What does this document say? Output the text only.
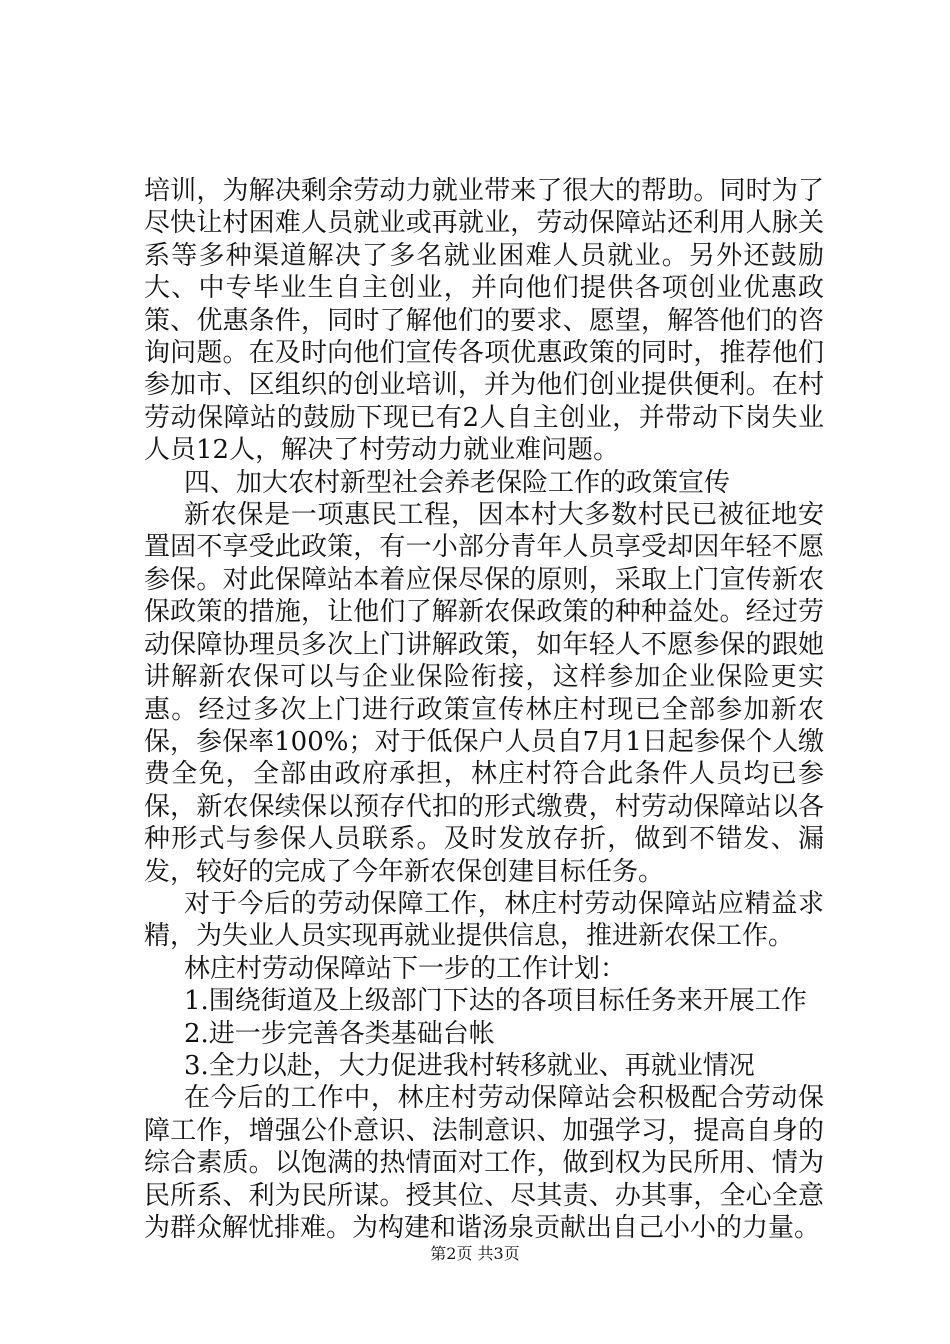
培训，为解决剩余劳动力就业带来了很大的帮助。同时为了尽快让村困难人员就业或再就业，劳动保障站还利用人脉关系等多种渠道解决了多名就业困难人员就业。另外还鼓励大、中专毕业生自主创业，并向他们提供各项创业优惠政策、优惠条件，同时了解他们的要求、愿望，解答他们的咨询问题。在及时向他们宣传各项优惠政策的同时，推荐他们参加市、区组织的创业培训，并为他们创业提供便利。在村劳动保障站的鼓励下现已有2人自主创业，并带动下岗失业人员12人，解决了村劳动力就业难问题。

四、加大农村新型社会养老保险工作的政策宣传

新农保是一项惠民工程，因本村大多数村民已被征地安置固不享受此政策，有一小部分青年人员享受却因年轻不愿参保。对此保障站本着应保尽保的原则，采取上门宣传新农保政策的措施，让他们了解新农保政策的种种益处。经过劳动保障协理员多次上门讲解政策，如年轻人不愿参保的跟她讲解新农保可以与企业保险衔接，这样参加企业保险更实惠。经过多次上门进行政策宣传林庄村现已全部参加新农保，参保率100%；对于低保户人员自7月1日起参保个人缴费全免，全部由政府承担，林庄村符合此条件人员均已参保，新农保续保以预存代扣的形式缴费，村劳动保障站以各种形式与参保人员联系。及时发放存折，做到不错发、漏发，较好的完成了今年新农保创建目标任务。

对于今后的劳动保障工作，林庄村劳动保障站应精益求精，为失业人员实现再就业提供信息，推进新农保工作。

林庄村劳动保障站下一步的工作计划：

1.围绕街道及上级部门下达的各项目标任务来开展工作

2.进一步完善各类基础台帐

3.全力以赴，大力促进我村转移就业、再就业情况

在今后的工作中，林庄村劳动保障站会积极配合劳动保障工作，增强公仆意识、法制意识、加强学习，提高自身的综合素质。以饱满的热情面对工作，做到权为民所用、情为民所系、利为民所谋。授其位、尽其责、办其事，全心全意为群众解忧排难。为构建和谐汤泉贡献出自己小小的力量。

第2页 共3页
